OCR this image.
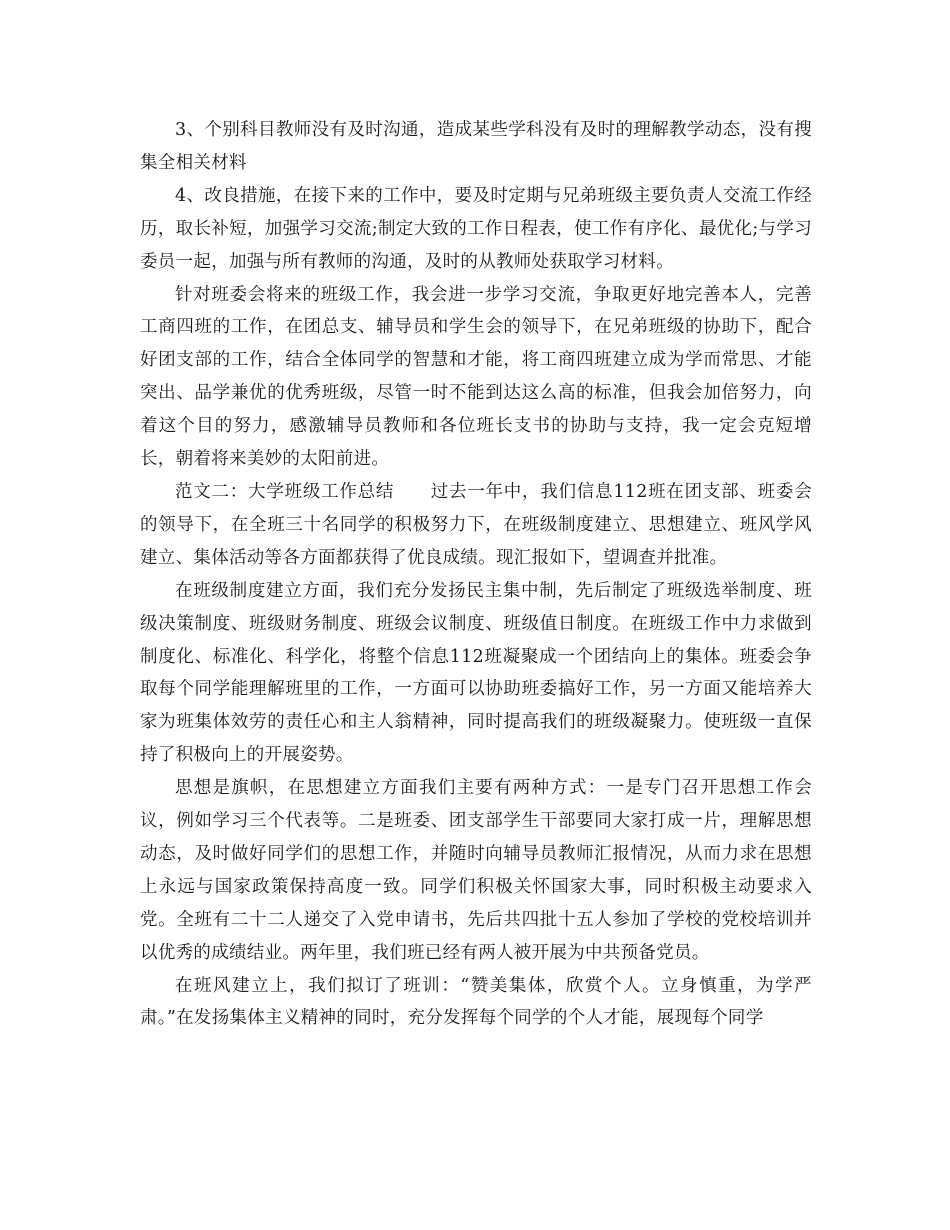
3、个别科目教师没有及时沟通，造成某些学科没有及时的理解教学动态，没有搜集全相关材料

4、改良措施，在接下来的工作中，要及时定期与兄弟班级主要负责人交流工作经历，取长补短，加强学习交流;制定大致的工作日程表，使工作有序化、最优化;与学习委员一起，加强与所有教师的沟通，及时的从教师处获取学习材料。

针对班委会将来的班级工作，我会进一步学习交流，争取更好地完善本人，完善工商四班的工作，在团总支、辅导员和学生会的领导下，在兄弟班级的协助下，配合好团支部的工作，结合全体同学的智慧和才能，将工商四班建立成为学而常思、才能突出、品学兼优的优秀班级，尽管一时不能到达这么高的标准，但我会加倍努力，向着这个目的努力，感激辅导员教师和各位班长支书的协助与支持，我一定会克短增长，朝着将来美妙的太阳前进。

范文二：大学班级工作总结　　过去一年中，我们信息112班在团支部、班委会的领导下，在全班三十名同学的积极努力下，在班级制度建立、思想建立、班风学风建立、集体活动等各方面都获得了优良成绩。现汇报如下，望调查并批准。

在班级制度建立方面，我们充分发扬民主集中制，先后制定了班级选举制度、班级决策制度、班级财务制度、班级会议制度、班级值日制度。在班级工作中力求做到制度化、标准化、科学化，将整个信息112班凝聚成一个团结向上的集体。班委会争取每个同学能理解班里的工作，一方面可以协助班委搞好工作，另一方面又能培养大家为班集体效劳的责任心和主人翁精神，同时提高我们的班级凝聚力。使班级一直保持了积极向上的开展姿势。

思想是旗帜，在思想建立方面我们主要有两种方式：一是专门召开思想工作会议，例如学习三个代表等。二是班委、团支部学生干部要同大家打成一片，理解思想动态，及时做好同学们的思想工作，并随时向辅导员教师汇报情况，从而力求在思想上永远与国家政策保持高度一致。同学们积极关怀国家大事，同时积极主动要求入党。全班有二十二人递交了入党申请书，先后共四批十五人参加了学校的党校培训并以优秀的成绩结业。两年里，我们班已经有两人被开展为中共预备党员。

在班风建立上，我们拟订了班训：“赞美集体，欣赏个人。立身慎重，为学严肃。”在发扬集体主义精神的同时，充分发挥每个同学的个人才能，展现每个同学
